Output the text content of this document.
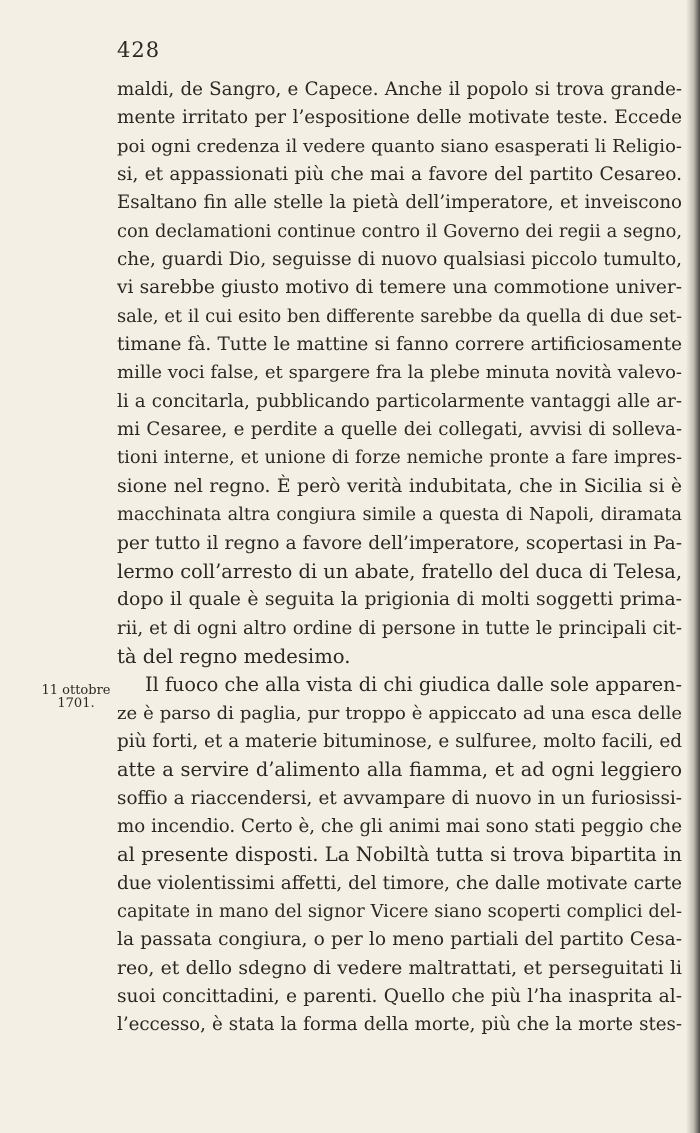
428
11 ottobre
1701.
maldi, de Sangro, e Capece. Anche il popolo si trova grande-
mente irritato per l’espositione delle motivate teste. Eccede
poi ogni credenza il vedere quanto siano esasperati li Religio-
si, et appassionati più che mai a favore del partito Cesareo.
Esaltano fin alle stelle la pietà dell’imperatore, et inveiscono
con declamationi continue contro il Governo dei regii a segno,
che, guardi Dio, seguisse di nuovo qualsiasi piccolo tumulto,
vi sarebbe giusto motivo di temere una commotione univer-
sale, et il cui esito ben differente sarebbe da quella di due set-
timane fà. Tutte le mattine si fanno correre artificiosamente
mille voci false, et spargere fra la plebe minuta novità valevo-
li a concitarla, pubblicando particolarmente vantaggi alle ar-
mi Cesaree, e perdite a quelle dei collegati, avvisi di solleva-
tioni interne, et unione di forze nemiche pronte a fare impres-
sione nel regno. È però verità indubitata, che in Sicilia si è
macchinata altra congiura simile a questa di Napoli, diramata
per tutto il regno a favore dell’imperatore, scopertasi in Pa-
lermo coll’arresto di un abate, fratello del duca di Telesa,
dopo il quale è seguita la prigionia di molti soggetti prima-
rii, et di ogni altro ordine di persone in tutte le principali cit-
tà del regno medesimo.
Il fuoco che alla vista di chi giudica dalle sole apparen-
ze è parso di paglia, pur troppo è appiccato ad una esca delle
più forti, et a materie bituminose, e sulfuree, molto facili, ed
atte a servire d’alimento alla fiamma, et ad ogni leggiero
soffio a riaccendersi, et avvampare di nuovo in un furiosissi-
mo incendio. Certo è, che gli animi mai sono stati peggio che
al presente disposti. La Nobiltà tutta si trova bipartita in
due violentissimi affetti, del timore, che dalle motivate carte
capitate in mano del signor Vicere siano scoperti complici del-
la passata congiura, o per lo meno partiali del partito Cesa-
reo, et dello sdegno di vedere maltrattati, et perseguitati li
suoi concittadini, e parenti. Quello che più l’ha inasprita al-
l’eccesso, è stata la forma della morte, più che la morte stes-
